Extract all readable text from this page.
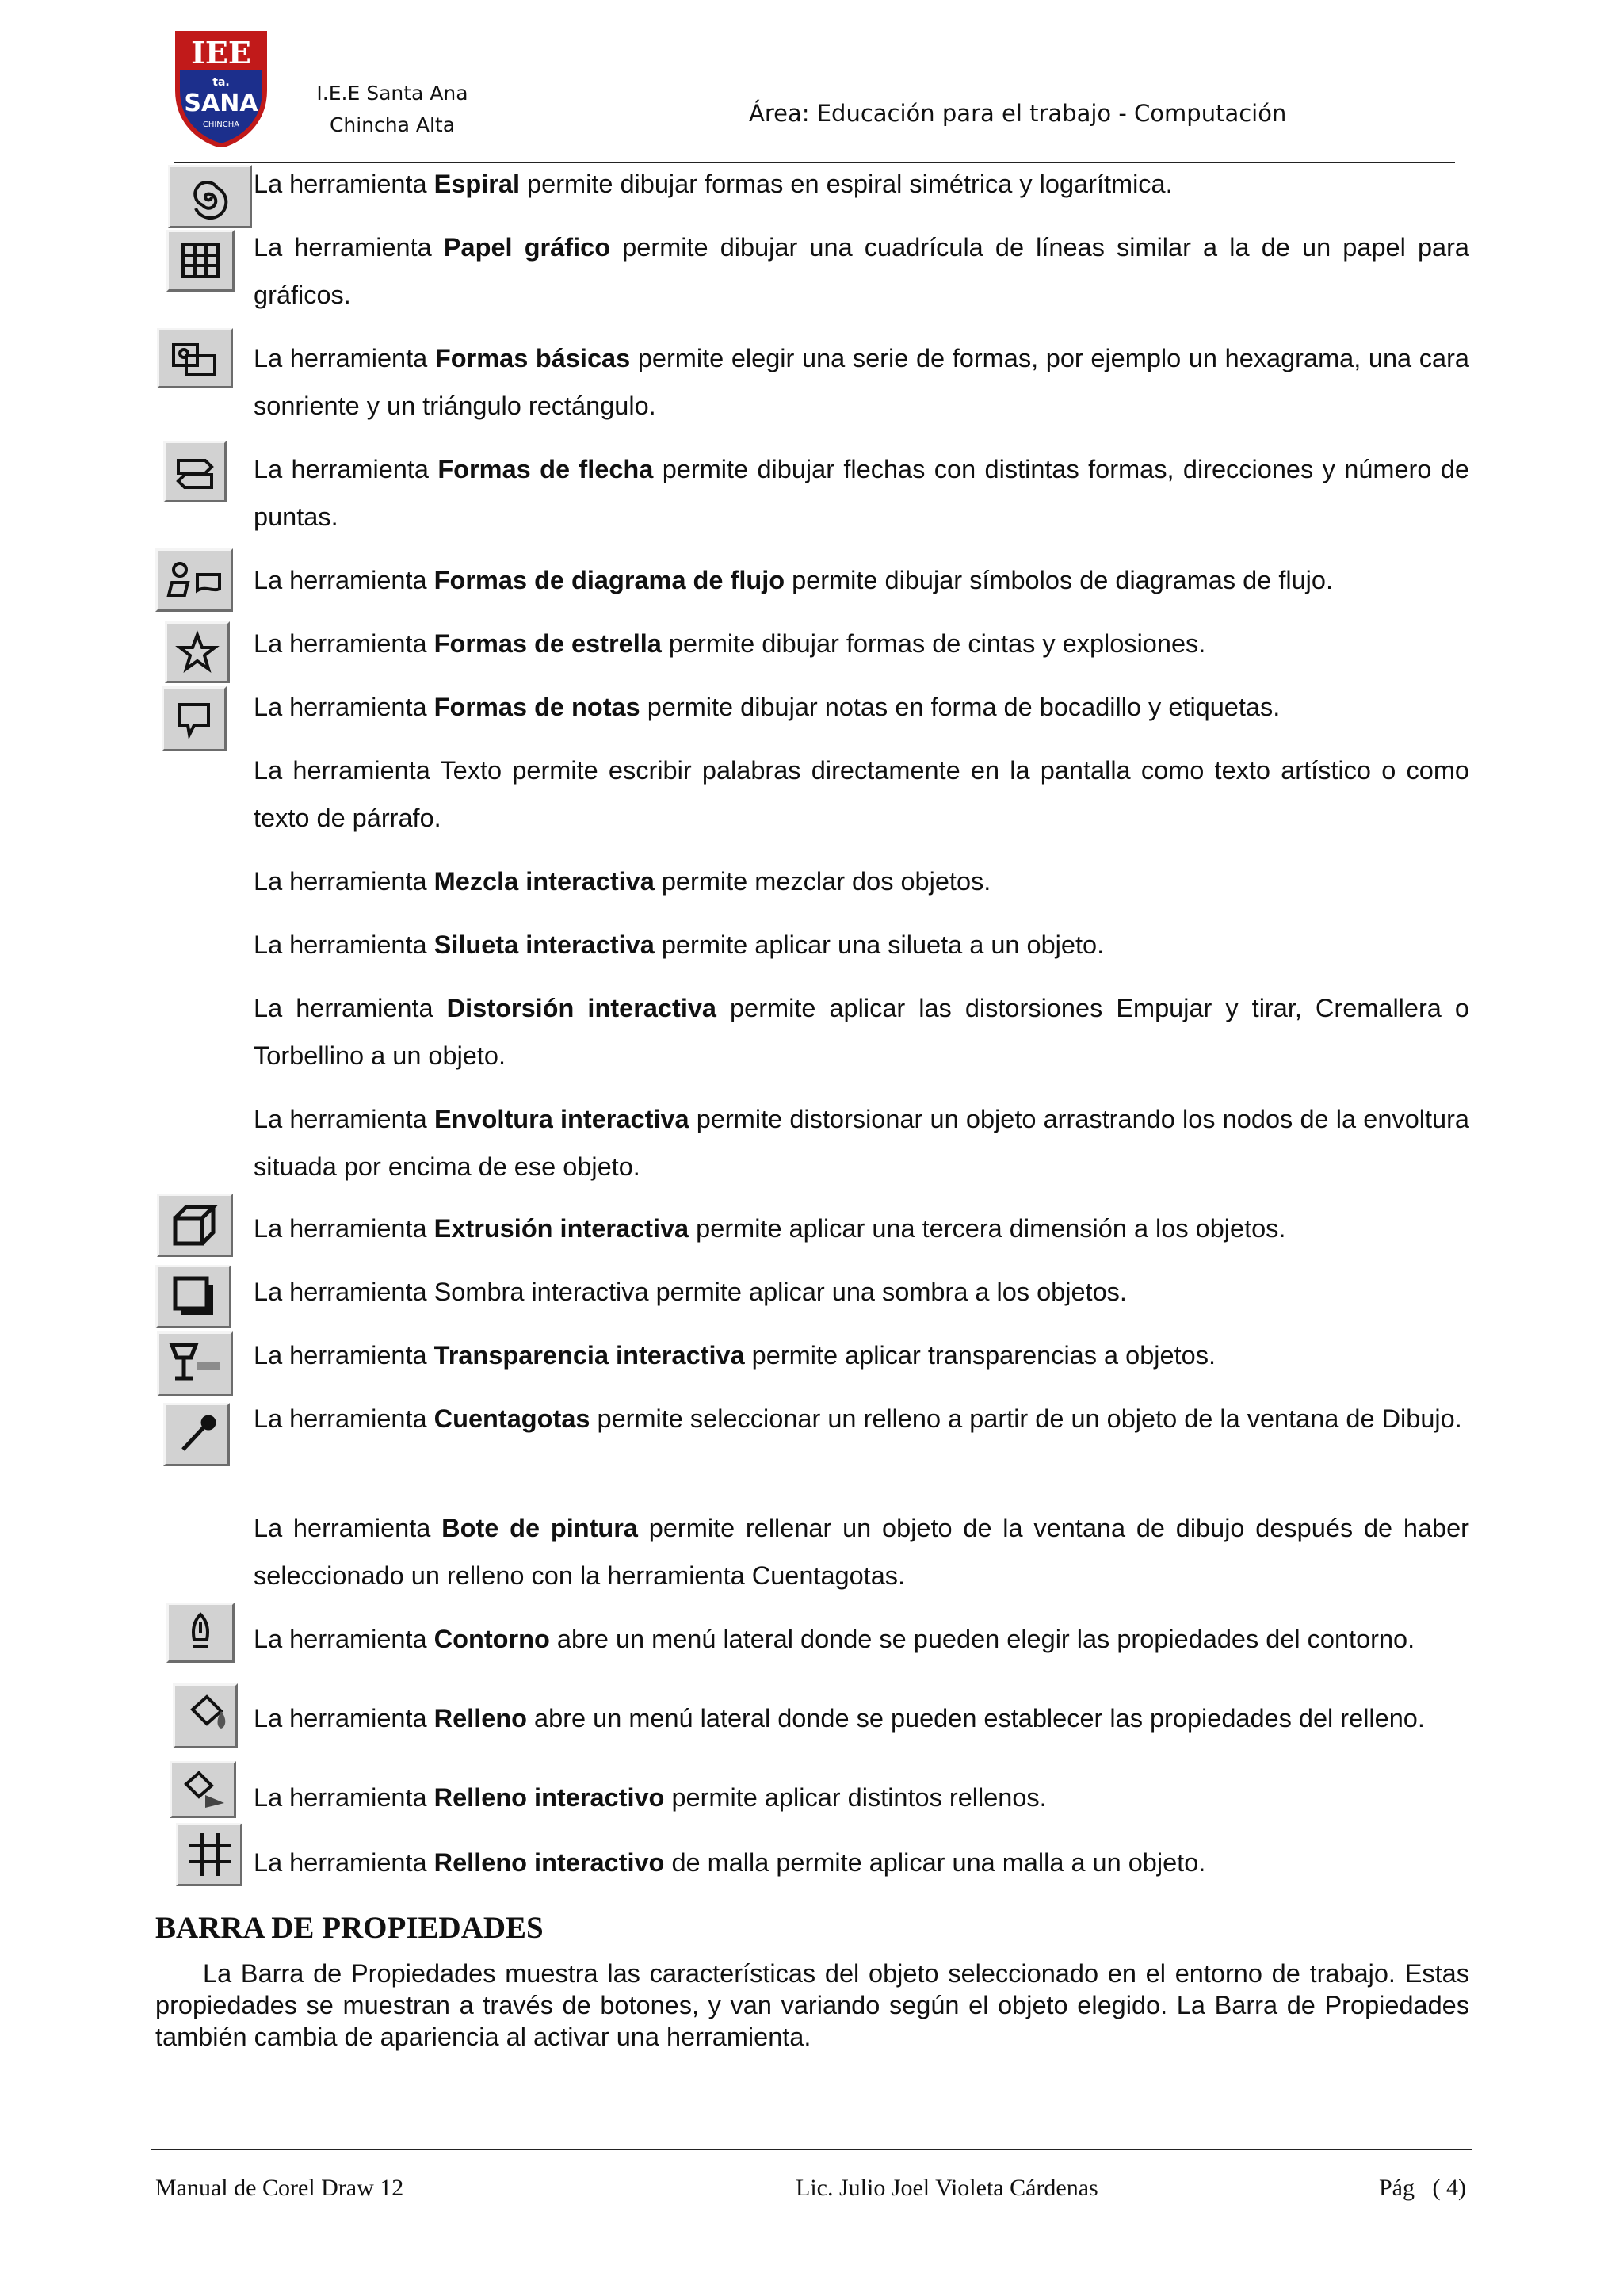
IEE
ta.
SANA
CHINCHA
I.E.E Santa Ana
Chincha Alta	Área: Educación para el trabajo - Computación
La herramienta Espiral permite dibujar formas en espiral simétrica y logarítmica.
La herramienta Papel gráfico permite dibujar una cuadrícula de líneas similar a la de un papel para gráficos.
La herramienta Formas básicas permite elegir una serie de formas, por ejemplo un hexagrama, una cara sonriente y un triángulo rectángulo.
La herramienta Formas de flecha permite dibujar flechas con distintas formas, direcciones y número de puntas.
La herramienta Formas de diagrama de flujo permite dibujar símbolos de diagramas de flujo.
La herramienta Formas de estrella permite dibujar formas de cintas y explosiones.
La herramienta Formas de notas permite dibujar notas en forma de bocadillo y etiquetas.
La herramienta Texto permite escribir palabras directamente en la pantalla como texto artístico o como texto de párrafo.
La herramienta Mezcla interactiva permite mezclar dos objetos.
La herramienta Silueta interactiva permite aplicar una silueta a un objeto.
La herramienta Distorsión interactiva permite aplicar las distorsiones Empujar y tirar, Cremallera o Torbellino a un objeto.
La herramienta Envoltura interactiva permite distorsionar un objeto arrastrando los nodos de la envoltura situada por encima de ese objeto.
La herramienta Extrusión interactiva permite aplicar una tercera dimensión a los objetos.
La herramienta Sombra interactiva permite aplicar una sombra a los objetos.
La herramienta Transparencia interactiva permite aplicar transparencias a objetos.
La herramienta Cuentagotas permite seleccionar un relleno a partir de un objeto de la ventana de Dibujo.
La herramienta Bote de pintura permite rellenar un objeto de la ventana de dibujo después de haber seleccionado un relleno con la herramienta Cuentagotas.
La herramienta Contorno abre un menú lateral donde se pueden elegir las propiedades del contorno.
La herramienta Relleno abre un menú lateral donde se pueden establecer las propiedades del relleno.
La herramienta Relleno interactivo permite aplicar distintos rellenos.
La herramienta Relleno interactivo de malla permite aplicar una malla a un objeto.
BARRA DE PROPIEDADES
La Barra de Propiedades muestra las características del objeto seleccionado en el entorno de trabajo. Estas propiedades se muestran a través de botones, y van variando según el objeto elegido. La Barra de Propiedades también cambia de apariencia al activar una herramienta.
Manual de Corel Draw 12	Lic. Julio Joel Violeta Cárdenas	Pág   ( 4)
